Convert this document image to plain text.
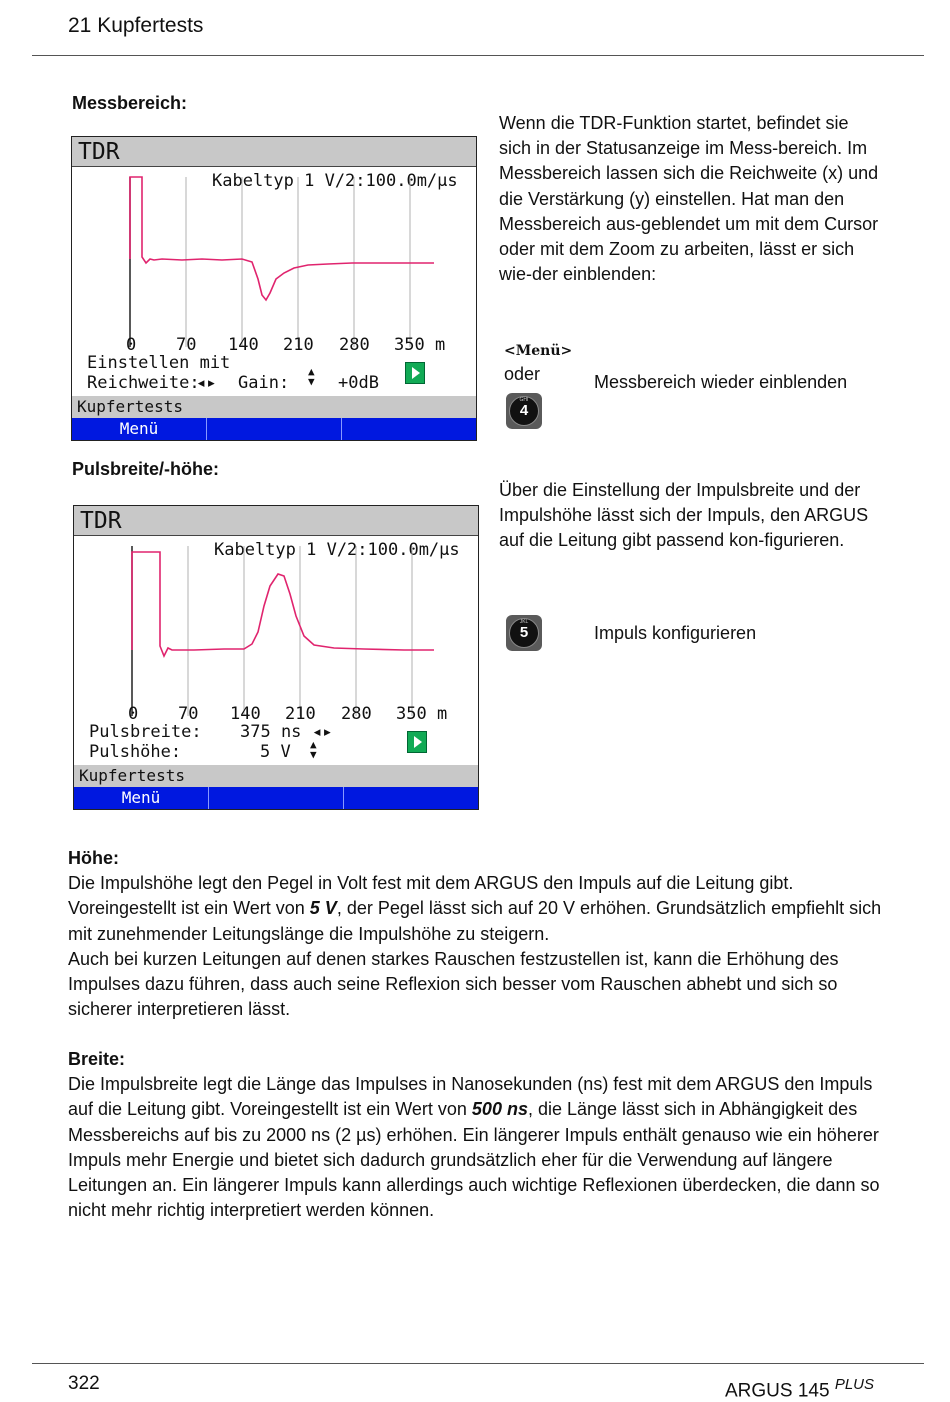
21 Kupfertests
Messbereich:
TDR
Kabeltyp 1 V/2:100.0m/µs
0 70 140 210 280 350 m
Einstellen mit
Reichweite:
◂▸ Gain:
▲
▼ +0dB
Kupfertests
Menü
Wenn die TDR-Funktion startet, befindet sie sich in der Statusanzeige im Mess-bereich. Im Messbereich lassen sich die Reichweite (x) und die Verstärkung (y) einstellen. Hat man den Messbereich aus-geblendet um mit dem Cursor oder mit dem Zoom zu arbeiten, lässt er sich wie-der einblenden:
<Menü>
oder
GHI
4
Messbereich wieder einblenden
Pulsbreite/-höhe:
TDR
Kabeltyp 1 V/2:100.0m/µs
0 70 140 210 280 350 m
Pulsbreite: 375 ns ◂▸
Pulshöhe:	5 V ▲
▼
Kupfertests
Menü
Über die Einstellung der Impulsbreite und der Impulshöhe lässt sich der Impuls, den ARGUS auf die Leitung gibt passend kon-figurieren.
JKL
5	Impuls konfigurieren

Höhe:

Die Impulshöhe legt den Pegel in Volt fest mit dem ARGUS den Impuls auf die Leitung gibt. Voreingestellt ist ein Wert von 5 V, der Pegel lässt sich auf 20 V erhöhen. Grundsätzlich empfiehlt sich mit zunehmender Leitungslänge die Impulshöhe zu steigern.

Auch bei kurzen Leitungen auf denen starkes Rauschen festzustellen ist, kann die Erhöhung des Impulses dazu führen, dass auch seine Reflexion sich besser vom Rauschen abhebt und sich so sicherer interpretieren lässt.

Breite:

Die Impulsbreite legt die Länge das Impulses in Nanosekunden (ns) fest mit dem ARGUS den Impuls auf die Leitung gibt. Voreingestellt ist ein Wert von 500 ns, die Länge lässt sich in Abhängigkeit des Messbereichs auf bis zu 2000 ns (2 µs) erhöhen. Ein längerer Impuls enthält genauso wie ein höherer Impuls mehr Energie und bietet sich dadurch grundsätzlich eher für die Verwendung auf längere Leitungen an. Ein längerer Impuls kann allerdings auch wichtige Reflexionen überdecken, die dann so nicht mehr richtig interpretiert werden können.

322	ARGUS 145 $^{PLUS}$
